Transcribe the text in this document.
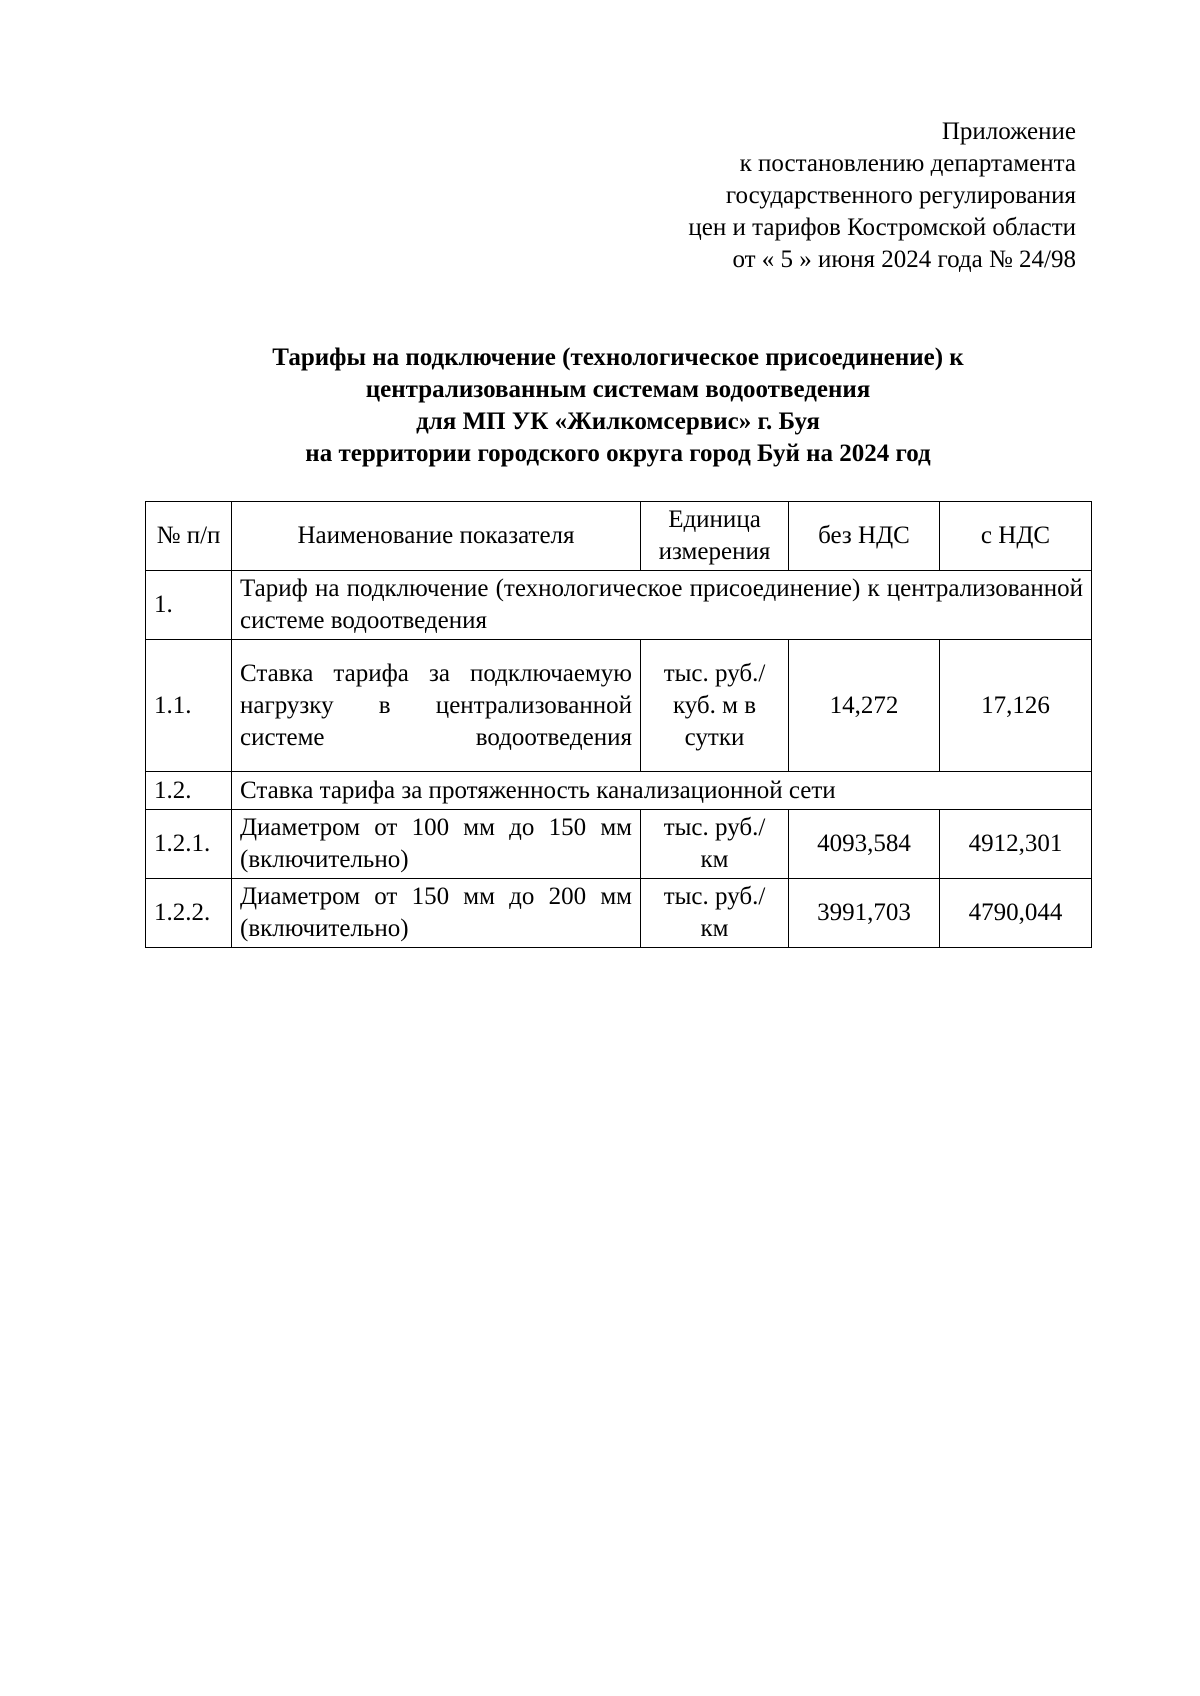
Приложение
к постановлению департамента
государственного регулирования
цен и тарифов Костромской области
от « 5 » июня 2024 года № 24/98
Тарифы на подключение (технологическое присоединение) к
централизованным системам водоотведения
для МП УК «Жилкомсервис» г. Буя
на территории городского округа город Буй на 2024 год
№ п/п	Наименование показателя	Единица измерения	без НДС	с НДС
1.	Тариф на подключение (технологическое присоединение) к централизованной системе водоотведения			
1.1.	Ставка тарифа за подключаемую нагрузку в централизованной системе водоотведения	тыс. руб./ куб. м в сутки	14,272	17,126
1.2.	Ставка тарифа за протяженность канализационной сети			
1.2.1.	Диаметром от 100 мм до 150 мм (включительно)	тыс. руб./ км	4093,584	4912,301
1.2.2.	Диаметром от 150 мм до 200 мм (включительно)	тыс. руб./ км	3991,703	4790,044
